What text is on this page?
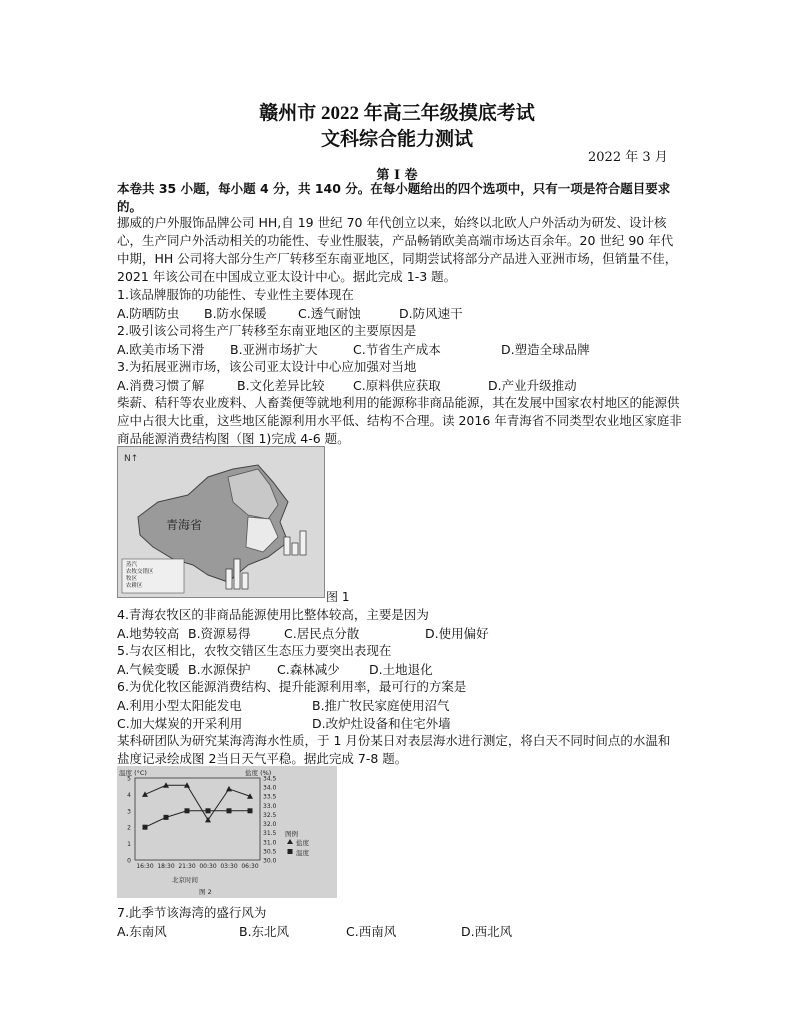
赣州市 2022 年高三年级摸底考试
文科综合能力测试
2022 年 3 月
第 I 卷
本卷共 35 小题，每小题 4 分，共 140 分。在每小题给出的四个选项中，只有一项是符合题目要求的。
挪威的户外服饰品牌公司 HH,自 19 世纪 70 年代创立以来，始终以北欧人户外活动为研发、设计核心，生产同户外活动相关的功能性、专业性服装，产品畅销欧美高端市场达百余年。20 世纪 90 年代中期，HH 公司将大部分生产厂转移至东南亚地区，同期尝试将部分产品进入亚洲市场，但销量不佳，2021 年该公司在中国成立亚太设计中心。据此完成 1-3 题。
1.该品牌服饰的功能性、专业性主要体现在
A.防晒防虫 B.防水保暖	C.透气耐蚀	D.防风速干
2.吸引该公司将生产厂转移至东南亚地区的主要原因是
A.欧美市场下滑 B.亚洲市场扩大	C.节省生产成本	D.塑造全球品牌
3.为拓展亚洲市场，该公司亚太设计中心应加强对当地
A.消费习惯了解	B.文化差异比较 C.原料供应获取	D.产业升级推动
柴薪、秸秆等农业废料、人畜粪便等就地利用的能源称非商品能源，其在发展中国家农村地区的能源供应中占很大比重，这些地区能源利用水平低、结构不合理。读 2016 年青海省不同类型农业地区家庭非商品能源消费结构图（图 1)完成 4-6 题。
N↑
青海省
蒸汽
农牧交错区
牧区
农耕区
图 1
4.青海农牧区的非商品能源使用比整体较高，主要是因为
A.地势较高 B.资源易得	C.居民点分散	D.使用偏好
5.与农区相比，农牧交错区生态压力要突出表现在
A.气候变暖 B.水源保护 C.森林减少 D.土地退化
6.为优化牧区能源消费结构、提升能源利用率，最可行的方案是
A.利用小型太阳能发电	B.推广牧民家庭使用沼气
C.加大煤炭的开采利用	D.改炉灶设备和住宅外墙
某科研团队为研究某海湾海水性质，于 1 月份某日对表层海水进行测定，将白天不同时间点的水温和盐度记录绘成图 2当日天气平稳。据此完成 7-8 题。
温度 (°C)	盐度 (%)
5
4
3
2
1
0
34.5
34.0
33.5
33.0
32.5
32.0
31.5
31.0
30.5
30.0
16:30 18:30 21:30 00:30 03:30 06:30
北京时间
图例
盐度
温度
图 2
7.此季节该海湾的盛行风为
A.东南风	B.东北风	C.西南风	D.西北风
